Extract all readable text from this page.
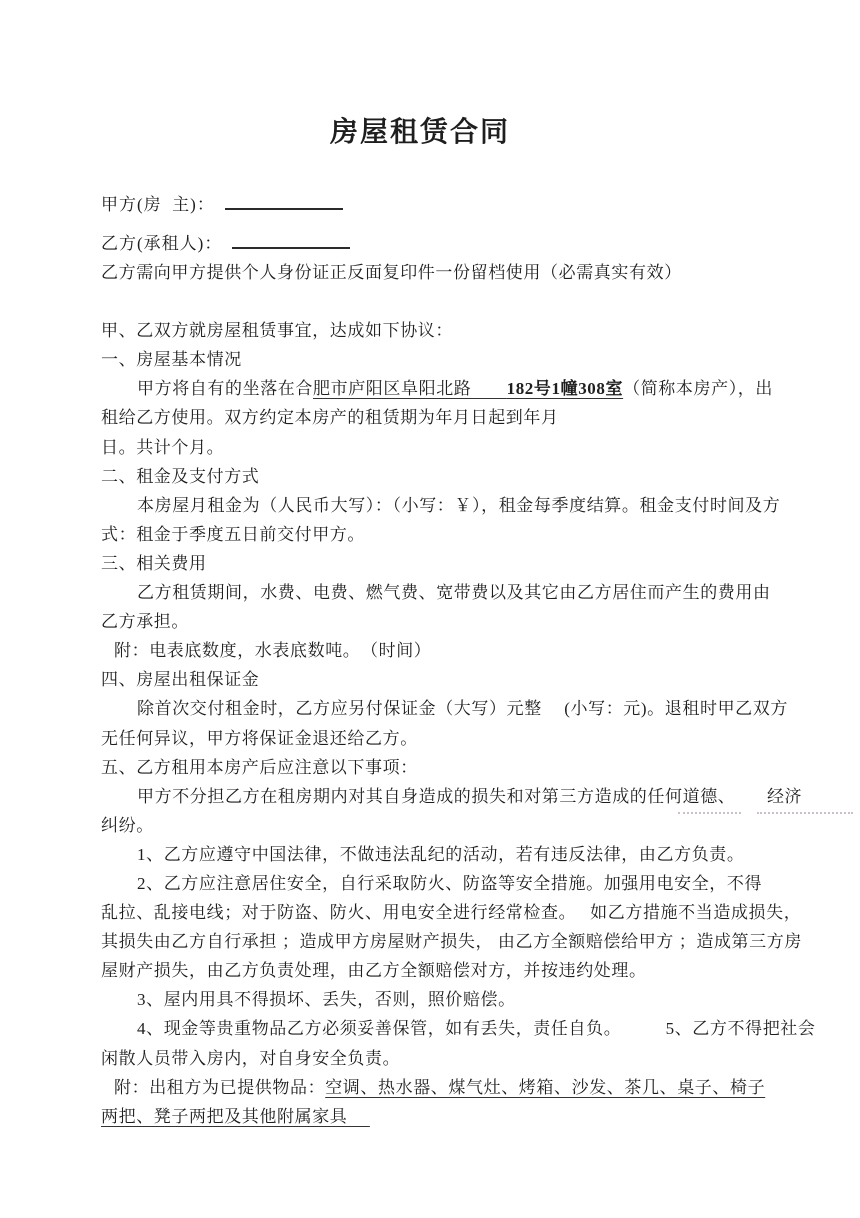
房屋租赁合同
甲方(房  主)：
乙方(承租人)：
乙方需向甲方提供个人身份证正反面复印件一份留档使用（必需真实有效）
甲、乙双方就房屋租赁事宜，达成如下协议：
一、房屋基本情况
甲方将自有的坐落在合肥市庐阳区阜阳北路　　182号1幢308室（简称本房产），出
租给乙方使用。双方约定本房产的租赁期为年月日起到年月
日。共计个月。
二、租金及支付方式
本房屋月租金为（人民币大写）：（小写：￥），租金每季度结算。租金支付时间及方
式：租金于季度五日前交付甲方。
三、相关费用
乙方租赁期间，水费、电费、燃气费、宽带费以及其它由乙方居住而产生的费用由
乙方承担。
附：电表底数度，水表底数吨。　（时间）
四、房屋出租保证金
除首次交付租金时，乙方应另付保证金（大写）元整　 (小写：元)。退租时甲乙双方
无任何异议，甲方将保证金退还给乙方。
五、乙方租用本房产后应注意以下事项：
甲方不分担乙方在租房期内对其自身造成的损失和对第三方造成的任何道德、　　 经济
纠纷。
1、乙方应遵守中国法律，不做违法乱纪的活动，若有违反法律，由乙方负责。
2、乙方应注意居住安全，自行采取防火、防盗等安全措施。加强用电安全，不得
乱拉、乱接电线；对于防盗、防火、用电安全进行经常检查。　 如乙方措施不当造成损失，
其损失由乙方自行承担 ；造成甲方房屋财产损失， 由乙方全额赔偿给甲方 ；造成第三方房
屋财产损失，由乙方负责处理，由乙方全额赔偿对方，并按违约处理。
3、屋内用具不得损坏、丢失，否则，照价赔偿。
4、现金等贵重物品乙方必须妥善保管，如有丢失，责任自负。　　　5、乙方不得把社会
闲散人员带入房内，对自身安全负责。
附：出租方为已提供物品：空调、热水器、煤气灶、烤箱、沙发、茶几、桌子、椅子
两把、凳子两把及其他附属家具　
